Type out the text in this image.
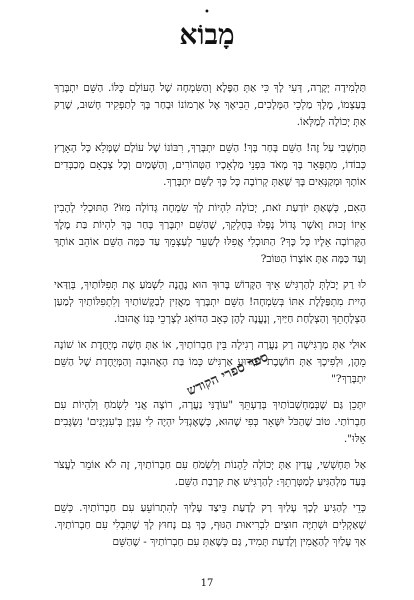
•
מָבוֹא

תַּלְמִידָה יְקָרָה, דְּעִי לָךְ כִּי אַתְּ הַפֶּלֶא וְהַשִּׂמְחָה שֶׁל הָעוֹלָם כֻּלּוֹ. הַשֵּׁם יִתְבָּרַךְ בְּעַצְמוֹ, מֶלֶךְ מַלְכֵי הַמְּלָכִים, הֵבִיאָךְ אֶל אַרְמוֹנוֹ וּבָחַר בָּךְ לְתַפְקִיד חָשׁוּב, שֶׁרַק אַתְּ יְכוֹלָה לְמַלְּאוֹ.

תַּחְשְׁבִי עַל זֶה! הַשֵּׁם בָּחַר בָּךְ! הַשֵּׁם יִתְבָּרַךְ, רִבּוֹנוֹ שֶׁל עוֹלָם שֶׁמָּלֵא כָּל הָאָרֶץ כְּבוֹדוֹ, מִתְפָּאֵר בָּךְ מְאֹד בִּפְנֵי מַלְאָכָיו הַטְּהוֹרִים, וְהַשָּׁמַיִם וְכָל צְבָאָם מְכַבְּדִים אוֹתָךְ וּמְקַנְּאִים בָּךְ שֶׁאַתְּ קְרוֹבָה כָּל כָּךְ לַשֵּׁם יִתְבָּרַךְ.

הַאִם, כְּשֶׁאַתְּ יוֹדַעַת זֹאת, יְכוֹלָה לִהְיוֹת לָךְ שִׂמְחָה גְּדוֹלָה מִזּוֹ? הַתּוּכְלִי לְהָבִין אֵיזוֹ זְכוּת וְאֹשֶׁר גָּדוֹל נָפְלוּ בְּחֶלְקֵךְ, שֶׁהַשֵּׁם יִתְבָּרַךְ בָּחַר בָּךְ לִהְיוֹת בַּת מֶלֶךְ הַקְּרוֹבָה אֵלָיו כָּל כָּךְ? הַתּוּכְלִי אֲפִלּוּ לְשַׁעֵר לְעַצְמֵךְ עַד כַּמָּה הַשֵּׁם אוֹהֵב אוֹתָךְ וְעַד כַּמָּה אַתְּ אוֹצָרוֹ הַטּוֹב?

לוּ רַק יָכֹלְתְּ לְהַרְגִּישׁ אֵיךְ הַקָּדוֹשׁ בָּרוּךְ הוּא נֶהֱנֶה לִשְׁמֹעַ אֶת תְּפִלּוֹתַיִךְ, בְּוַדַּאי הָיִית מִתְפַּלֶּלֶת אִתּוֹ בְּשִׂמְחָה! הַשֵּׁם יִתְבָּרַךְ מַאֲזִין לְבַקָּשׁוֹתַיִךְ וְלִתְפִלּוֹתַיִךְ לְמַעַן הַצְלָחָתֵךְ וְהַצְלָחַת חַיַּיִךְ, וְנֶעֱנֶה לָהֶן כְּאָב הַדּוֹאֵג לְצָרְכֵי בְּנוֹ אֲהוּבוֹ.

אוּלַי אַתְּ מַרְגִּישָׁה רַק נַעֲרָה רְגִילָה בֵּין חַבְרוֹתַיִךְ, אוֹ אַתְּ חָשָׁה מְיֻחֶדֶת אוֹ שׁוֹנָה מֵהֶן, וּלְפִיכָךְ אַתְּ חוֹשֶׁבֶת "מַדּוּעַ אַרְגִּישׁ כְּמוֹ בַּת הָאֲהוּבָה וְהַמְּיֻחֶדֶת שֶׁל הַשֵּׁם יִתְבָּרַךְ?"

יִתָּכֵן גַּם שֶׁבְּמַחְשְׁבוֹתַיִךְ בְּדַעְתֵּךְ "עוֹדֶנִּי נַעֲרָה, רוֹצָה אֲנִי לִשְׂמֹחַ וְלִהְיוֹת עִם חַבְרוֹתַי. טוֹב שֶׁהַכֹּל יִשָּׁאֵר כְּפִי שֶׁהוּא, כְּשֶׁאֶגְדַּל יִהְיֶה לִי עִנְיָן בְּ'עִנְיָנִים' נִשְׂגָּבִים אֵלּוּ".

אַל תַּחְשְׁשִׁי, עֲדַיִן אַתְּ יְכוֹלָה לֵהָנוֹת וְלִשְׂמֹחַ עִם חַבְרוֹתַיִךְ, זֶה לֹא אוֹמֵר לַעֲצֹר בְּעַד מַלְהַגִּיעַ לְמַטְּרָתֵךְ: לְהַרְגִּישׁ אֶת קִרְבַת הַשֵּׁם.

כְּדֵי לְהַגִּיעַ לְכָךְ עָלַיִךְ רַק לָדַעַת כֵּיצַד עָלַיִךְ לְהִתְרוֹעֵעַ עִם חַבְרוֹתַיִךְ. כְּשֵׁם שֶׁאַקְלִים וּשְׁתִיָּה חוּצִים לִבְרִיאוּת הַגּוּף, כָּךְ גַּם נָחוּץ לָךְ שֶׁתִּבְלִי עִם חַבְרוֹתַיִךְ. אַךְ עָלַיִךְ לְהַאֲמִין וְלָדַעַת תָּמִיד, גַּם כְּשֶׁאַתְּ עִם חַבְרוֹתַיִךְ - שֶׁהַשֵּׁם

ספר ספרי הקודש
17
